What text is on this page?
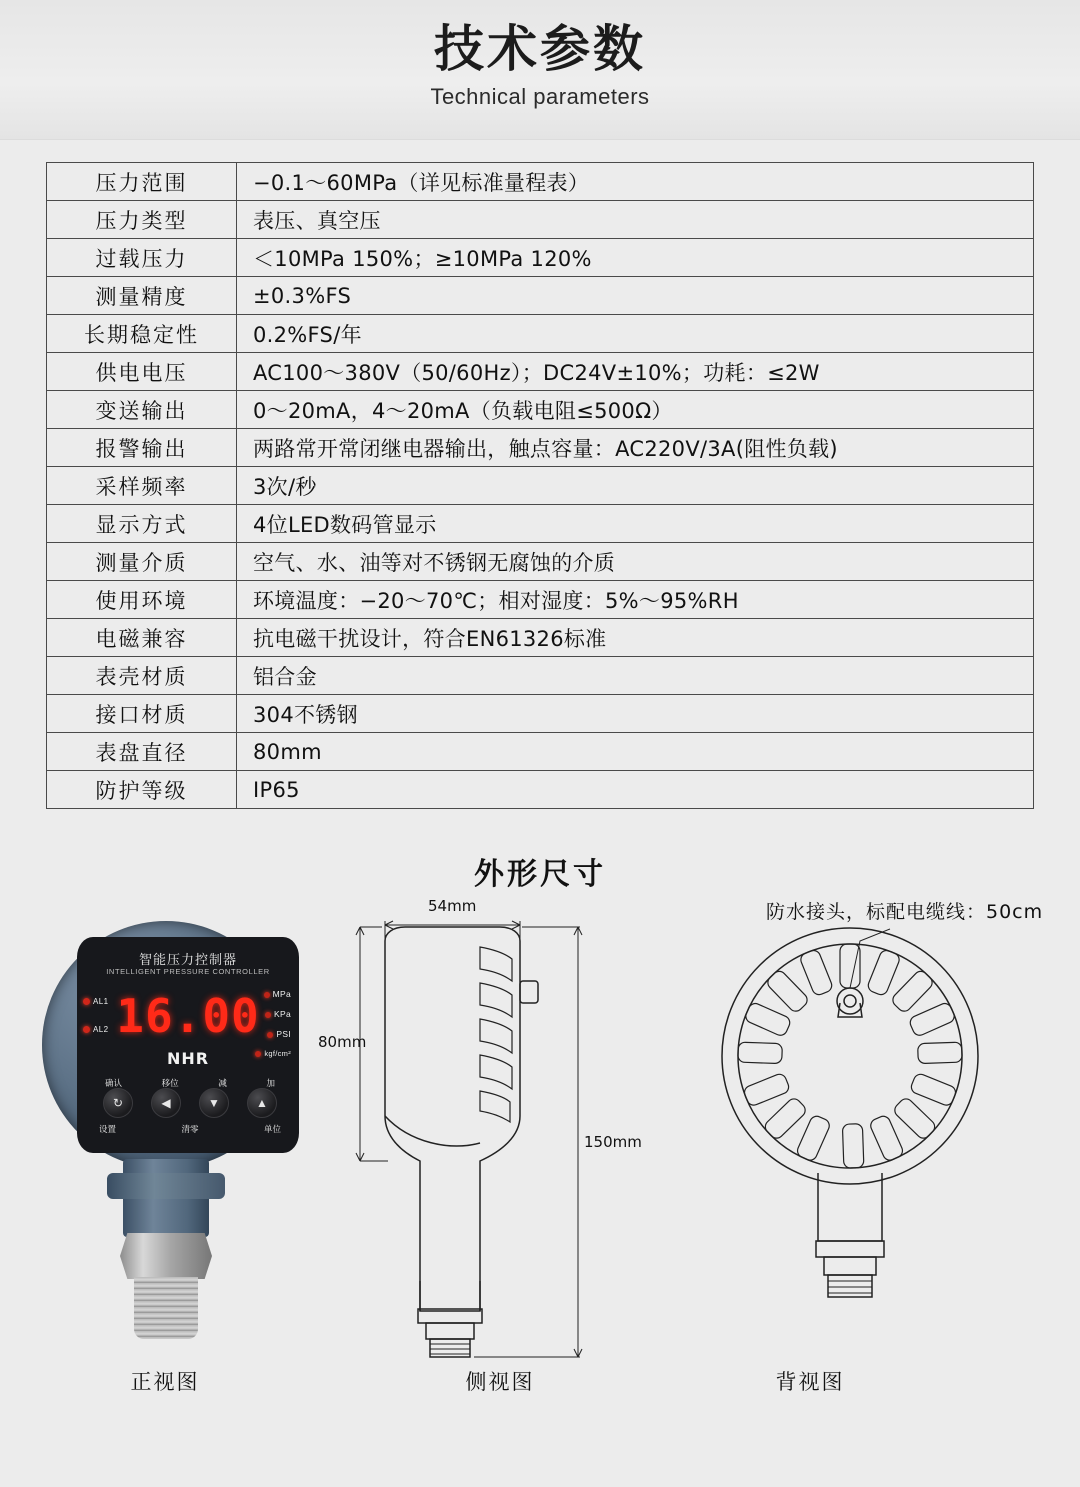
技术参数
Technical parameters
压力范围	−0.1～60MPa（详见标准量程表）
压力类型	表压、真空压
过载压力	＜10MPa 150%；≥10MPa 120%
测量精度	±0.3%FS
长期稳定性	0.2%FS/年
供电电压	AC100～380V（50/60Hz）；DC24V±10%；功耗：≤2W
变送输出	0～20mA，4～20mA（负载电阻≤500Ω）
报警输出	两路常开常闭继电器输出，触点容量：AC220V/3A(阻性负载)
采样频率	3次/秒
显示方式	4位LED数码管显示
测量介质	空气、水、油等对不锈钢无腐蚀的介质
使用环境	环境温度：−20～70℃；相对湿度：5%～95%RH
电磁兼容	抗电磁干扰设计，符合EN61326标准
表壳材质	铝合金
接口材质	304不锈钢
表盘直径	80mm
防护等级	IP65
外形尺寸
智能压力控制器
INTELLIGENT PRESSURE CONTROLLER
16.00
AL1
AL2
MPa
KPa
PSI
kgf/cm²
NHR
确认	移位	减	加
↻	◀	▼	▲
设置	清零	单位
54mm
80mm
150mm
防水接头，标配电缆线：50cm
正视图	侧视图	背视图
